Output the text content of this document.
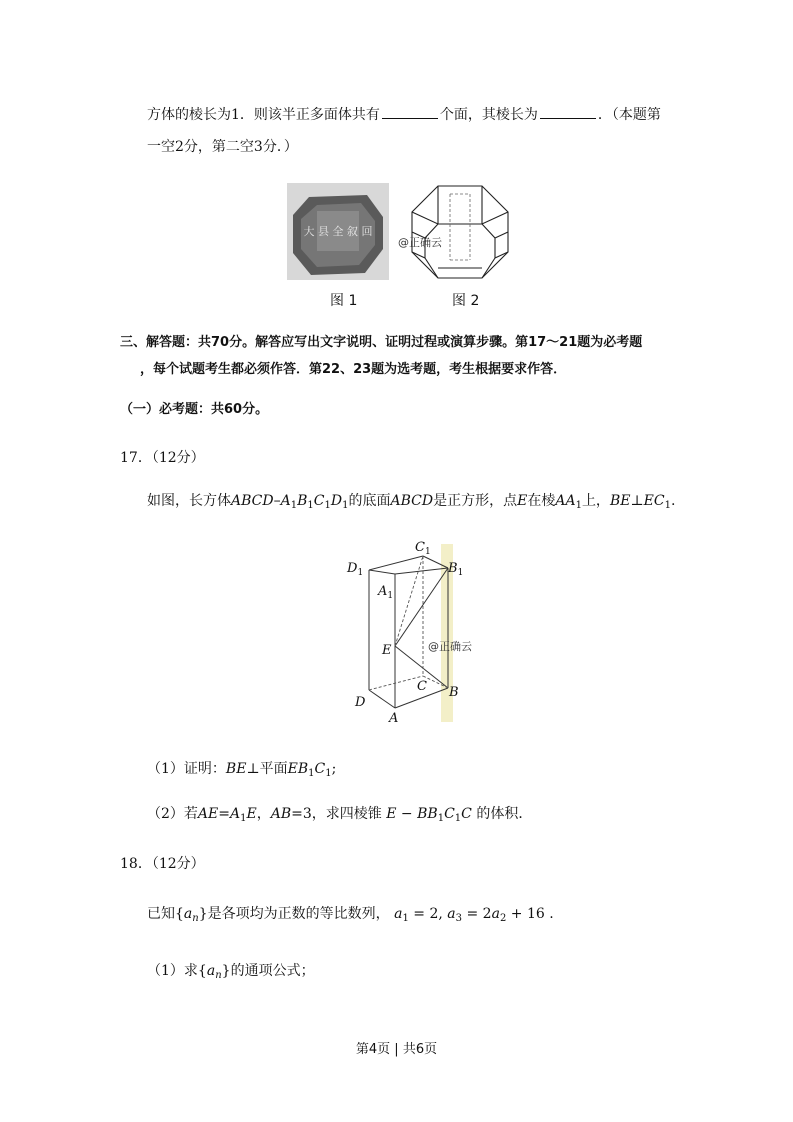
方体的棱长为1．则该半正多面体共有	个面，其棱长为	．（本题第
一空2分，第二空3分．）
大 县 全 叙 回
@正确云
图 1	图 2
三、解答题：共70分。解答应写出文字说明、证明过程或演算步骤。第17～21题为必考题
，每个试题考生都必须作答．第22、23题为选考题，考生根据要求作答．
（一）必考题：共60分。
17．（12分）
如图，长方体ABCD–$A_1B_1C_1D_1$的底面ABCD是正方形，点E在棱$AA_1$上，$BE\perp EC_1$.
$D_1$
$C_1$
$B_1$
$A_1$
E
C B
D
A
@正确云
（1）证明：BE⊥平面$EB_1C_1$;
（2）若$AE=A_1E$，AB=3，求四棱锥 $E - BB_1C_1C$ 的体积．
18．（12分）
已知$\{a_n\}$是各项均为正数的等比数列， $a_1 = 2$, $a_3 = 2a_2 + 16$ .
（1）求$\{a_n\}$的通项公式；
第4页 | 共6页
